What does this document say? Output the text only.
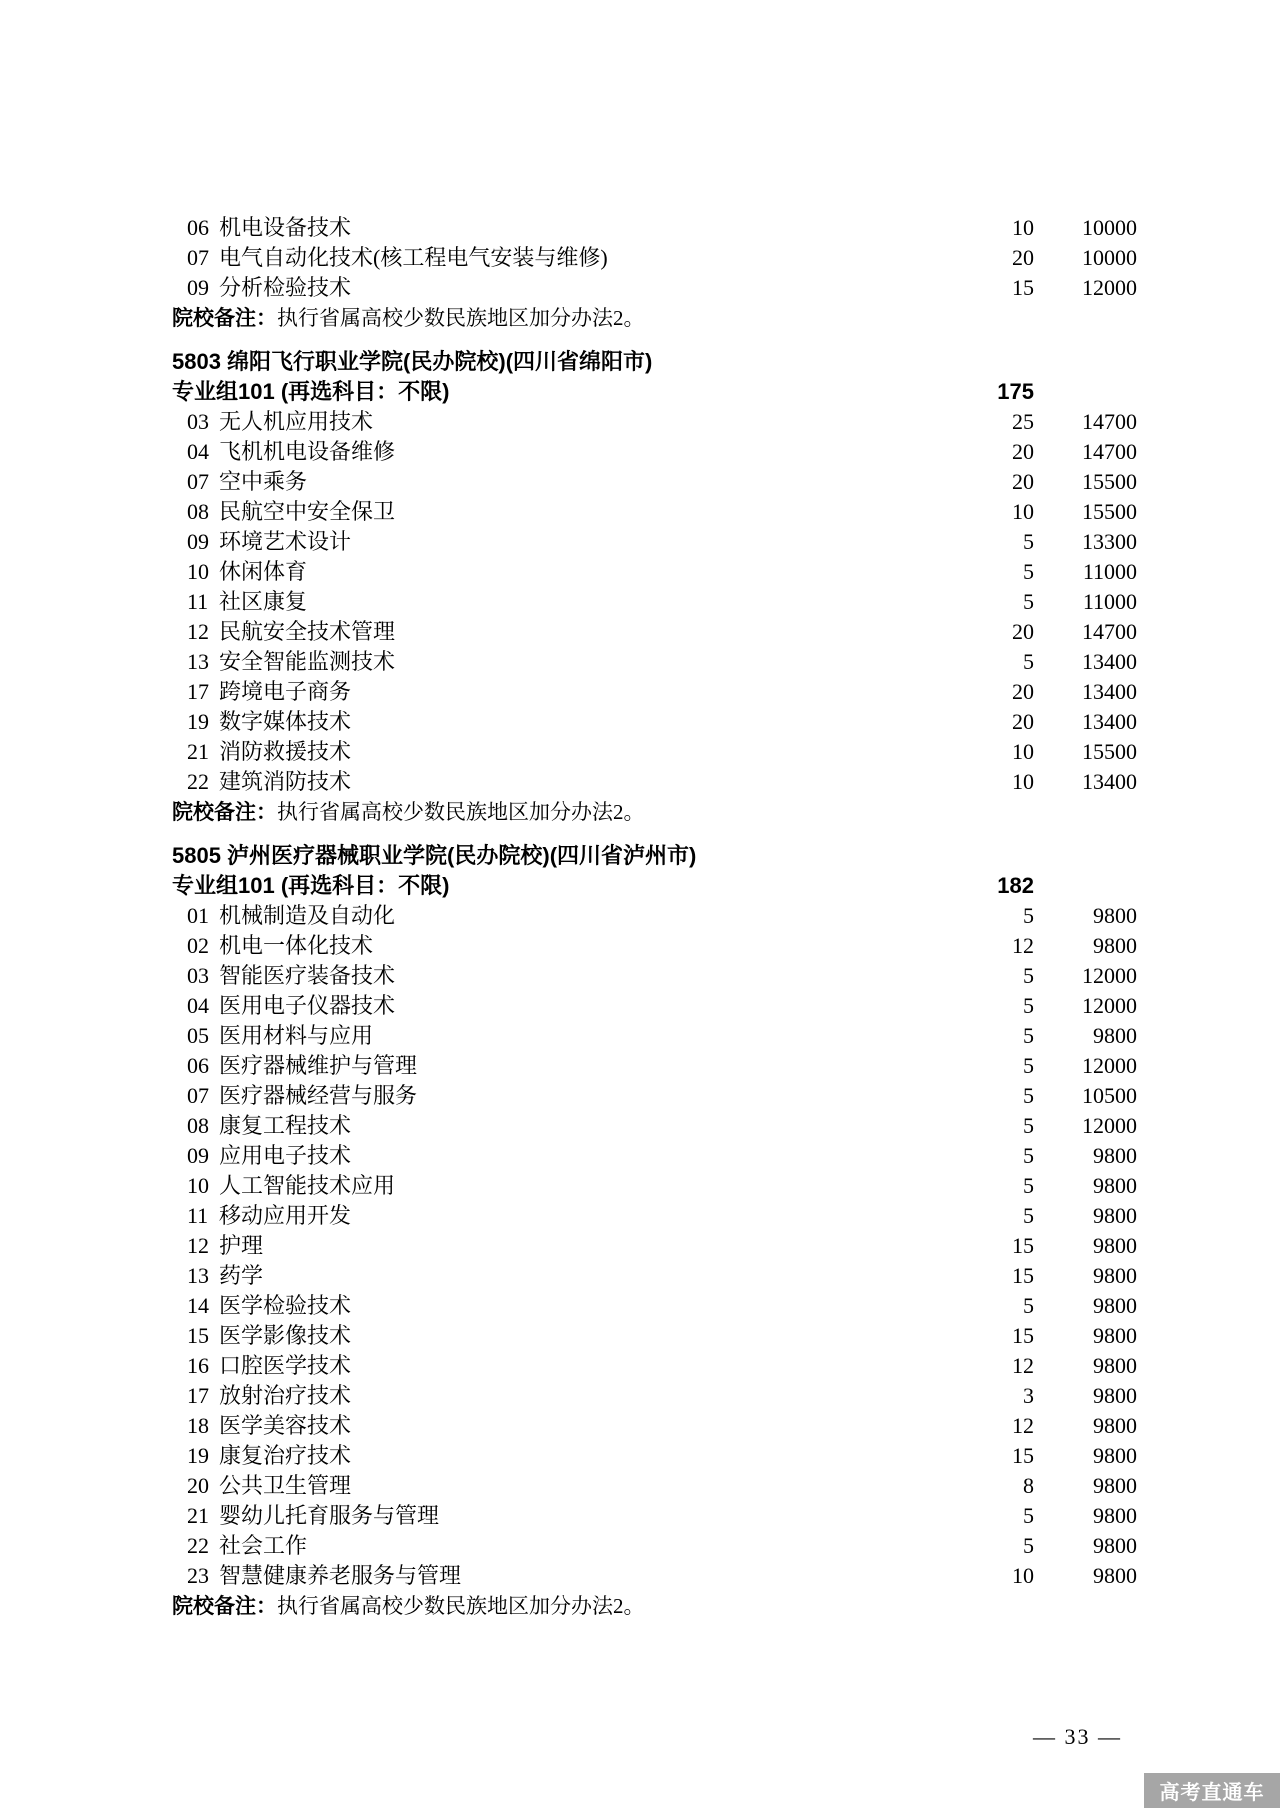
06 机电设备技术	10	10000
07 电气自动化技术(核工程电气安装与维修)	20	10000
09 分析检验技术	15	12000
院校备注：执行省属高校少数民族地区加分办法2。
5803 绵阳飞行职业学院(民办院校)(四川省绵阳市)
专业组101 (再选科目：不限)	175
03 无人机应用技术	25	14700
04 飞机机电设备维修	20	14700
07 空中乘务	20	15500
08 民航空中安全保卫	10	15500
09 环境艺术设计	5	13300
10 休闲体育	5	11000
11 社区康复	5	11000
12 民航安全技术管理	20	14700
13 安全智能监测技术	5	13400
17 跨境电子商务	20	13400
19 数字媒体技术	20	13400
21 消防救援技术	10	15500
22 建筑消防技术	10	13400
院校备注：执行省属高校少数民族地区加分办法2。
5805 泸州医疗器械职业学院(民办院校)(四川省泸州市)
专业组101 (再选科目：不限)	182
01 机械制造及自动化	5	9800
02 机电一体化技术	12	9800
03 智能医疗装备技术	5	12000
04 医用电子仪器技术	5	12000
05 医用材料与应用	5	9800
06 医疗器械维护与管理	5	12000
07 医疗器械经营与服务	5	10500
08 康复工程技术	5	12000
09 应用电子技术	5	9800
10 人工智能技术应用	5	9800
11 移动应用开发	5	9800
12 护理	15	9800
13 药学	15	9800
14 医学检验技术	5	9800
15 医学影像技术	15	9800
16 口腔医学技术	12	9800
17 放射治疗技术	3	9800
18 医学美容技术	12	9800
19 康复治疗技术	15	9800
20 公共卫生管理	8	9800
21 婴幼儿托育服务与管理	5	9800
22 社会工作	5	9800
23 智慧健康养老服务与管理	10	9800
院校备注：执行省属高校少数民族地区加分办法2。
— 33 —
高考直通车
